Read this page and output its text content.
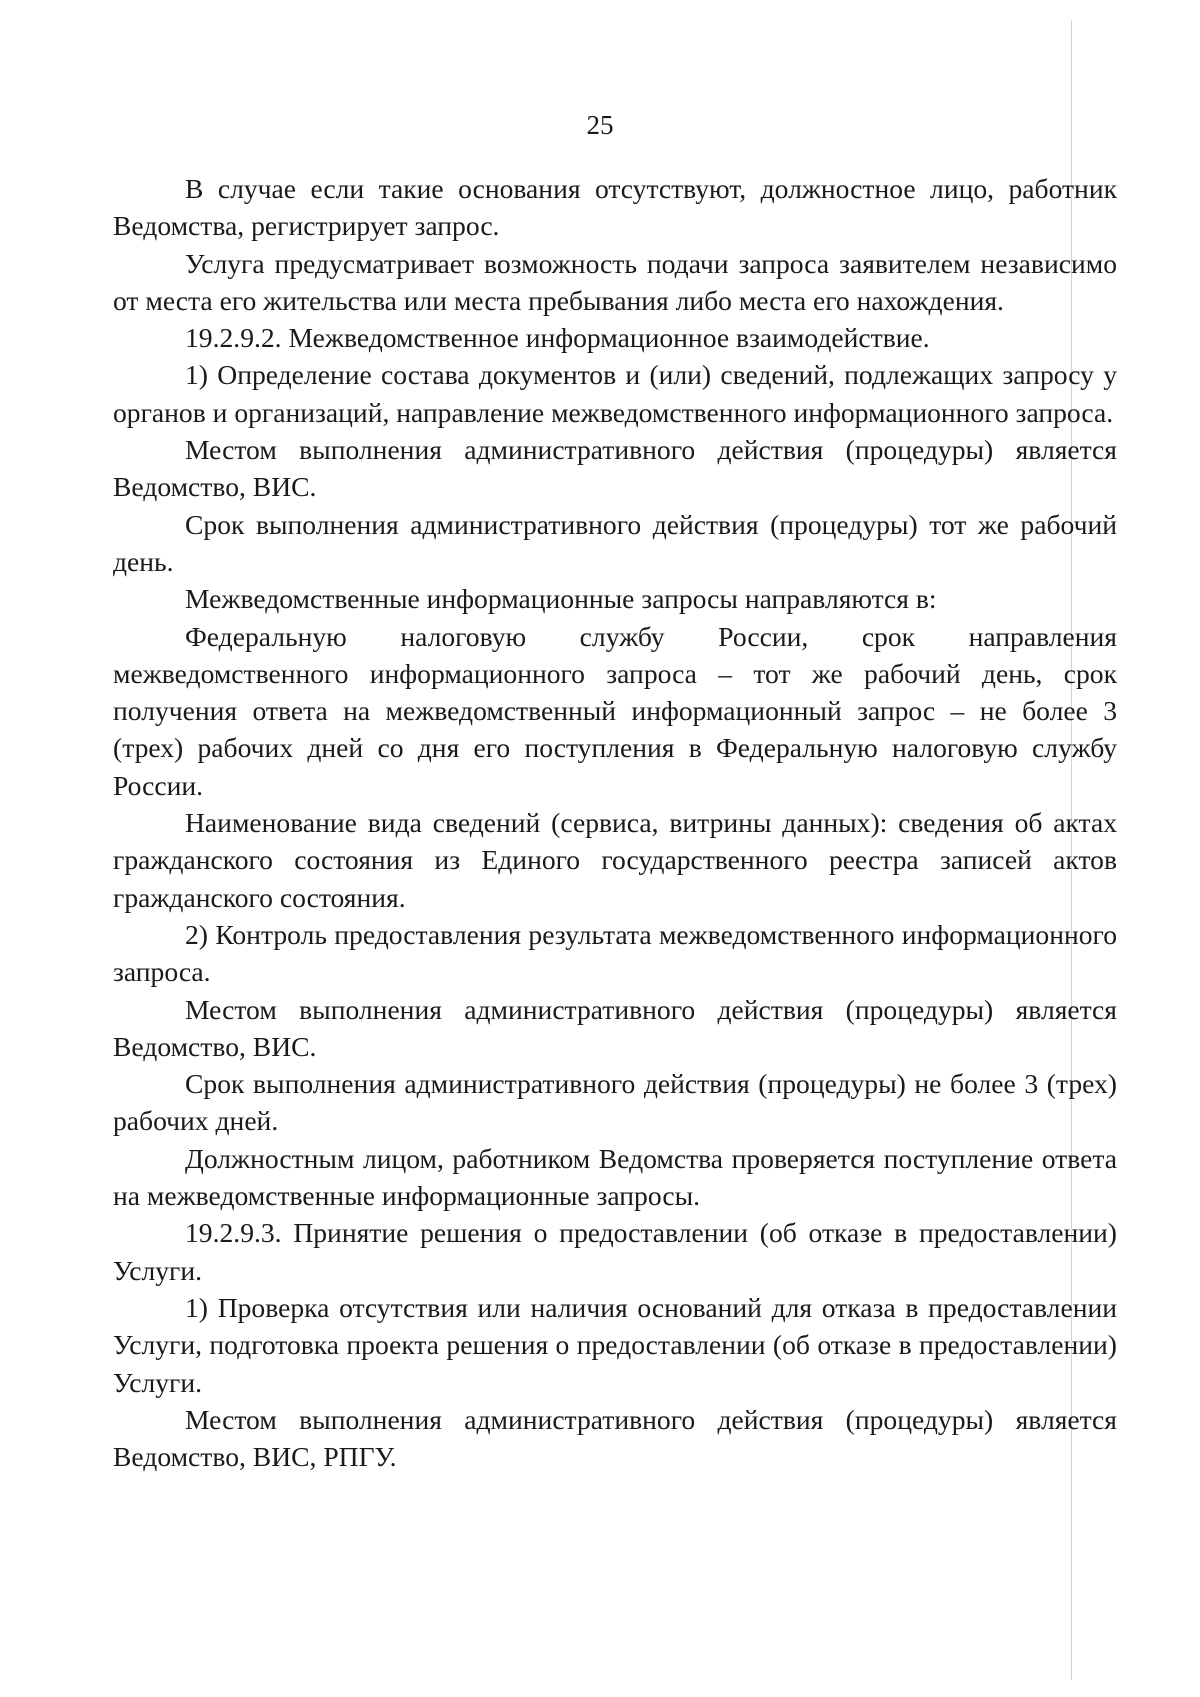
25

В случае если такие основания отсутствуют, должностное лицо, работник Ведомства, регистрирует запрос.

Услуга предусматривает возможность подачи запроса заявителем независимо от места его жительства или места пребывания либо места его нахождения.

19.2.9.2. Межведомственное информационное взаимодействие.

1) Определение состава документов и (или) сведений, подлежащих запросу у органов и организаций, направление межведомственного информационного запроса.

Местом выполнения административного действия (процедуры) является Ведомство, ВИС.

Срок выполнения административного действия (процедуры) тот же рабочий день.

Межведомственные информационные запросы направляются в:

Федеральную налоговую службу России, срок направления межведомственного информационного запроса – тот же рабочий день, срок получения ответа на межведомственный информационный запрос – не более 3 (трех) рабочих дней со дня его поступления в Федеральную налоговую службу России.

Наименование вида сведений (сервиса, витрины данных): сведения об актах гражданского состояния из Единого государственного реестра записей актов гражданского состояния.

2) Контроль предоставления результата межведомственного информационного запроса.

Местом выполнения административного действия (процедуры) является Ведомство, ВИС.

Срок выполнения административного действия (процедуры) не более 3 (трех) рабочих дней.

Должностным лицом, работником Ведомства проверяется поступление ответа на межведомственные информационные запросы.

19.2.9.3. Принятие решения о предоставлении (об отказе в предоставлении) Услуги.

1) Проверка отсутствия или наличия оснований для отказа в предоставлении Услуги, подготовка проекта решения о предоставлении (об отказе в предоставлении) Услуги.

Местом выполнения административного действия (процедуры) является Ведомство, ВИС, РПГУ.
